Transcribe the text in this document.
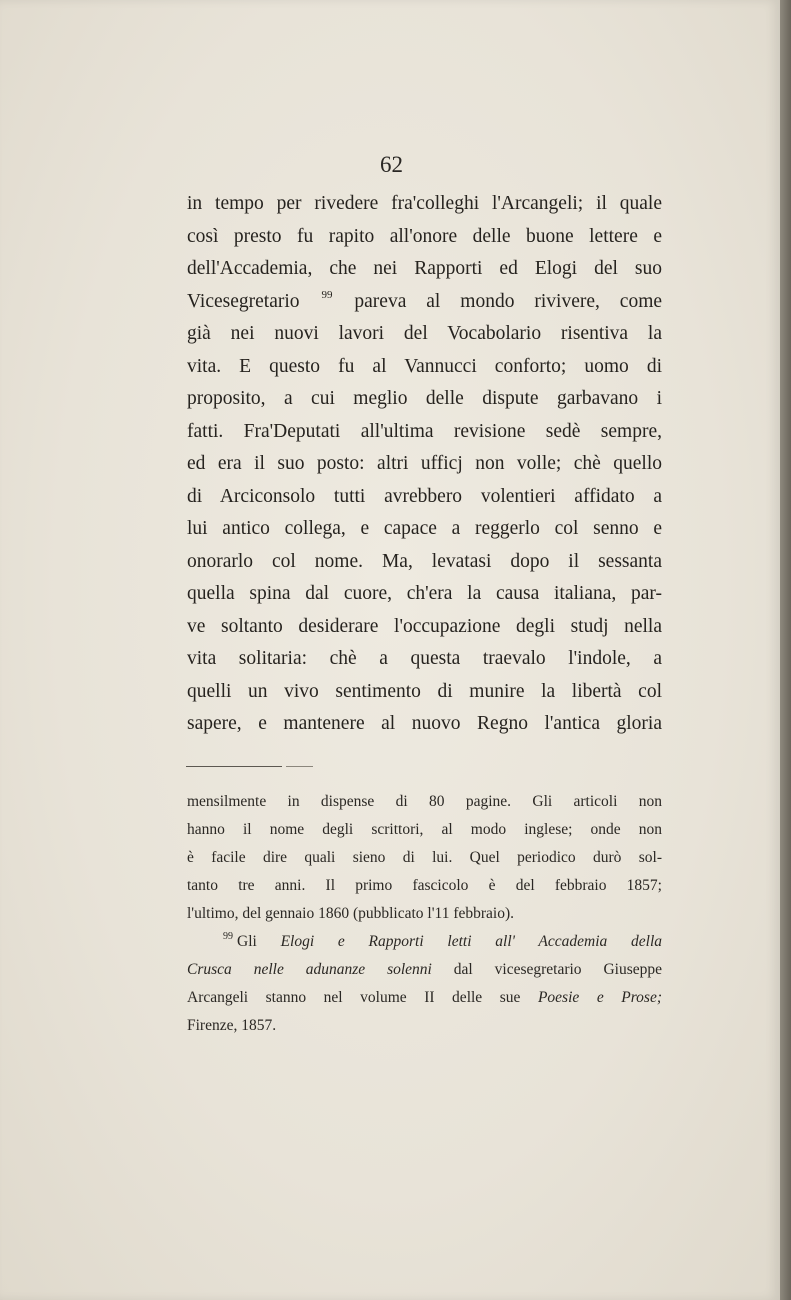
62
in tempo per rivedere fra'colleghi l'Arcangeli; il quale
così presto fu rapito all'onore delle buone lettere e
dell'Accademia, che nei Rapporti ed Elogi del suo
Vicesegretario $^{99}$ pareva al mondo rivivere, come
già nei nuovi lavori del Vocabolario risentiva la
vita. E questo fu al Vannucci conforto; uomo di
proposito, a cui meglio delle dispute garbavano i
fatti. Fra'Deputati all'ultima revisione sedè sempre,
ed era il suo posto: altri ufficj non volle; chè quello
di Arciconsolo tutti avrebbero volentieri affidato a
lui antico collega, e capace a reggerlo col senno e
onorarlo col nome. Ma, levatasi dopo il sessanta
quella spina dal cuore, ch'era la causa italiana, par-
ve soltanto desiderare l'occupazione degli studj nella
vita solitaria: chè a questa traevalo l'indole, a
quelli un vivo sentimento di munire la libertà col
sapere, e mantenere al nuovo Regno l'antica gloria
mensilmente in dispense di 80 pagine. Gli articoli non
hanno il nome degli scrittori, al modo inglese; onde non
è facile dire quali sieno di lui. Quel periodico durò sol-
tanto tre anni. Il primo fascicolo è del febbraio 1857;
l'ultimo, del gennaio 1860 (pubblicato l'11 febbraio).
$^{99}$ Gli Elogi e Rapporti letti all' Accademia della
Crusca nelle adunanze solenni dal vicesegretario Giuseppe
Arcangeli stanno nel volume II delle sue Poesie e Prose;
Firenze, 1857.
